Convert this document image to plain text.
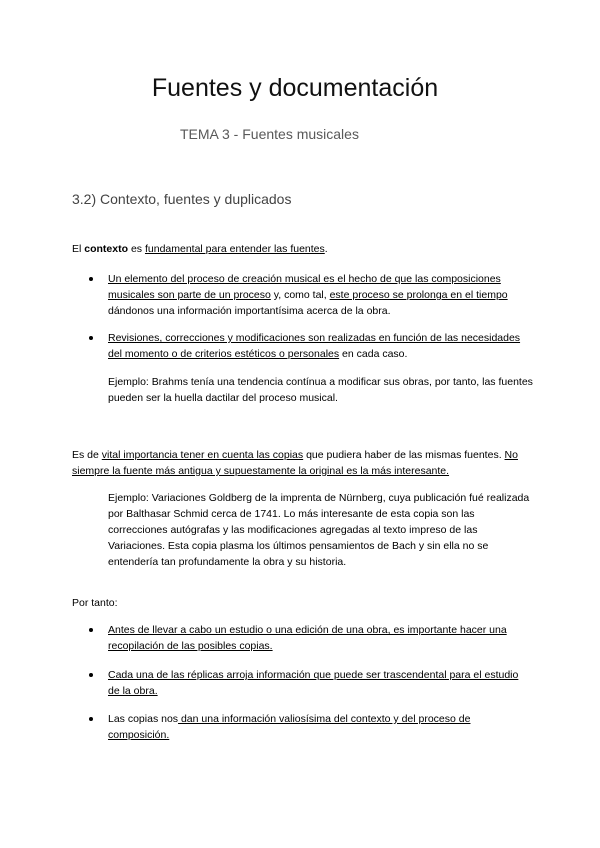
Fuentes y documentación

TEMA 3 - Fuentes musicales

3.2) Contexto, fuentes y duplicados

El contexto es fundamental para entender las fuentes.

Un elemento del proceso de creación musical es el hecho de que las composiciones musicales son parte de un proceso y, como tal, este proceso se prolonga en el tiempo dándonos una información importantísima acerca de la obra.
Revisiones, correcciones y modificaciones son realizadas en función de las necesidades del momento o de criterios estéticos o personales en cada caso.

Ejemplo: Brahms tenía una tendencia contínua a modificar sus obras, por tanto, las fuentes pueden ser la huella dactilar del proceso musical.

Es de vital importancia tener en cuenta las copias que pudiera haber de las mismas fuentes. No siempre la fuente más antigua y supuestamente la original es la más interesante.

Ejemplo: Variaciones Goldberg de la imprenta de Nürnberg, cuya publicación fué realizada por Balthasar Schmid cerca de 1741. Lo más interesante de esta copia son las correcciones autógrafas y las modificaciones agregadas al texto impreso de las Variaciones. Esta copia plasma los últimos pensamientos de Bach y sin ella no se entendería tan profundamente la obra y su historia.

Por tanto:

Antes de llevar a cabo un estudio o una edición de una obra, es importante hacer una recopilación de las posibles copias.
Cada una de las réplicas arroja información que puede ser trascendental para el estudio de la obra.
Las copias nos dan una información valiosísima del contexto y del proceso de composición.
